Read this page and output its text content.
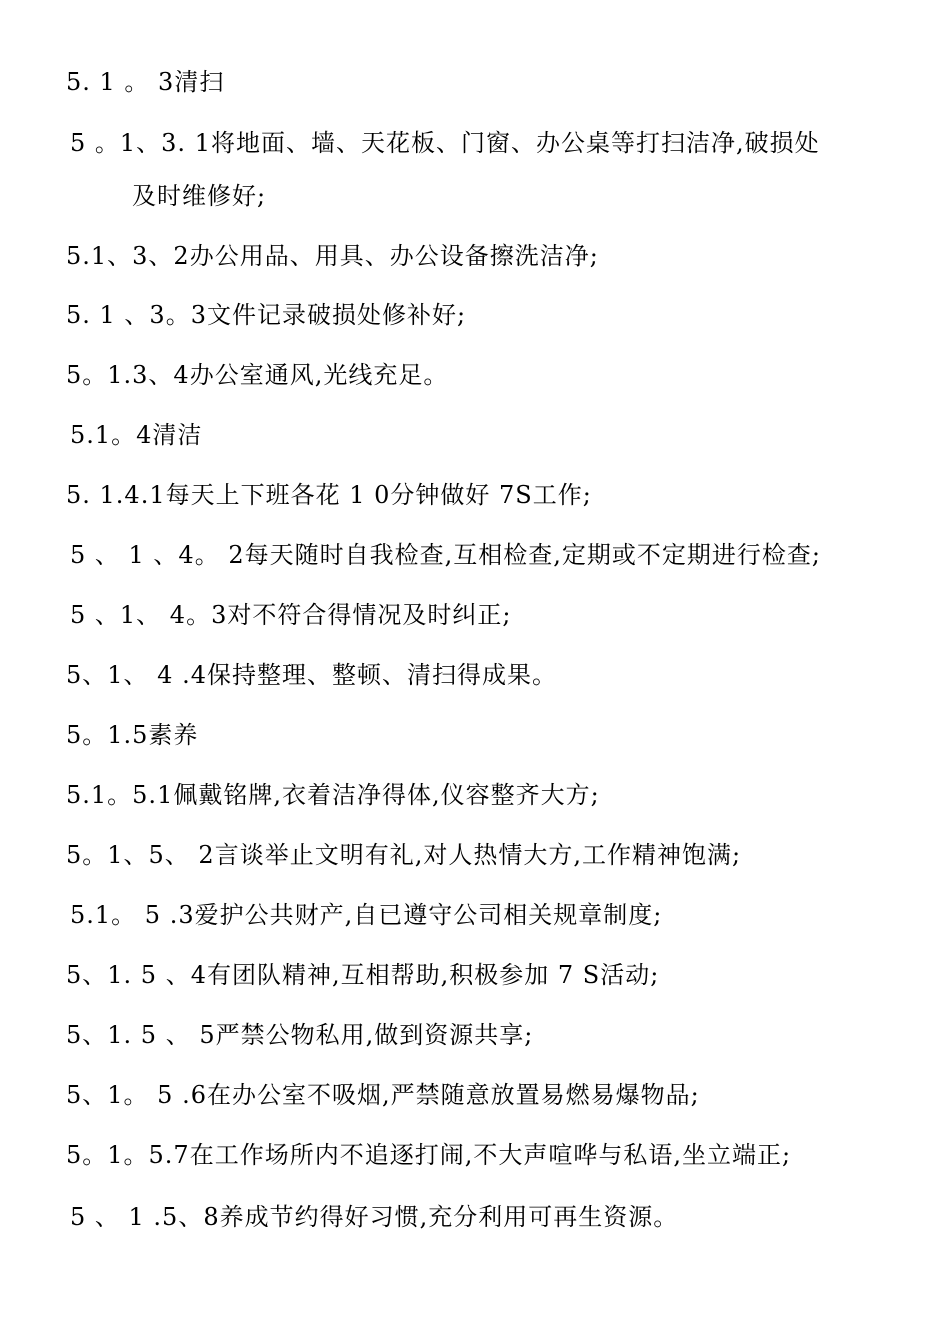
5. 1 。 3清扫
5 。1、3. 1将地面、墙、天花板、门窗、办公桌等打扫洁净,破损处
及时维修好;
5.1、3、2办公用品、用具、办公设备擦洗洁净;
5. 1 、3。3文件记录破损处修补好;
5。1.3、4办公室通风,光线充足。
5.1。4清洁
5. 1.4.1每天上下班各花 1 0分钟做好 7S工作;
5 、 1 、4。 2每天随时自我检查,互相检查,定期或不定期进行检查;
5 、1、 4。3对不符合得情况及时纠正;
5、1、 4 .4保持整理、整顿、清扫得成果。
5。1.5素养
5.1。5.1佩戴铭牌,衣着洁净得体,仪容整齐大方;
5。1、5、 2言谈举止文明有礼,对人热情大方,工作精神饱满;
5.1。 5 .3爱护公共财产,自已遵守公司相关规章制度;
5、1. 5 、4有团队精神,互相帮助,积极参加 7 S活动;
5、1. 5 、 5严禁公物私用,做到资源共享;
5、1。 5 .6在办公室不吸烟,严禁随意放置易燃易爆物品;
5。1。5.7在工作场所内不追逐打闹,不大声喧哗与私语,坐立端正;
5 、 1 .5、8养成节约得好习惯,充分利用可再生资源。
